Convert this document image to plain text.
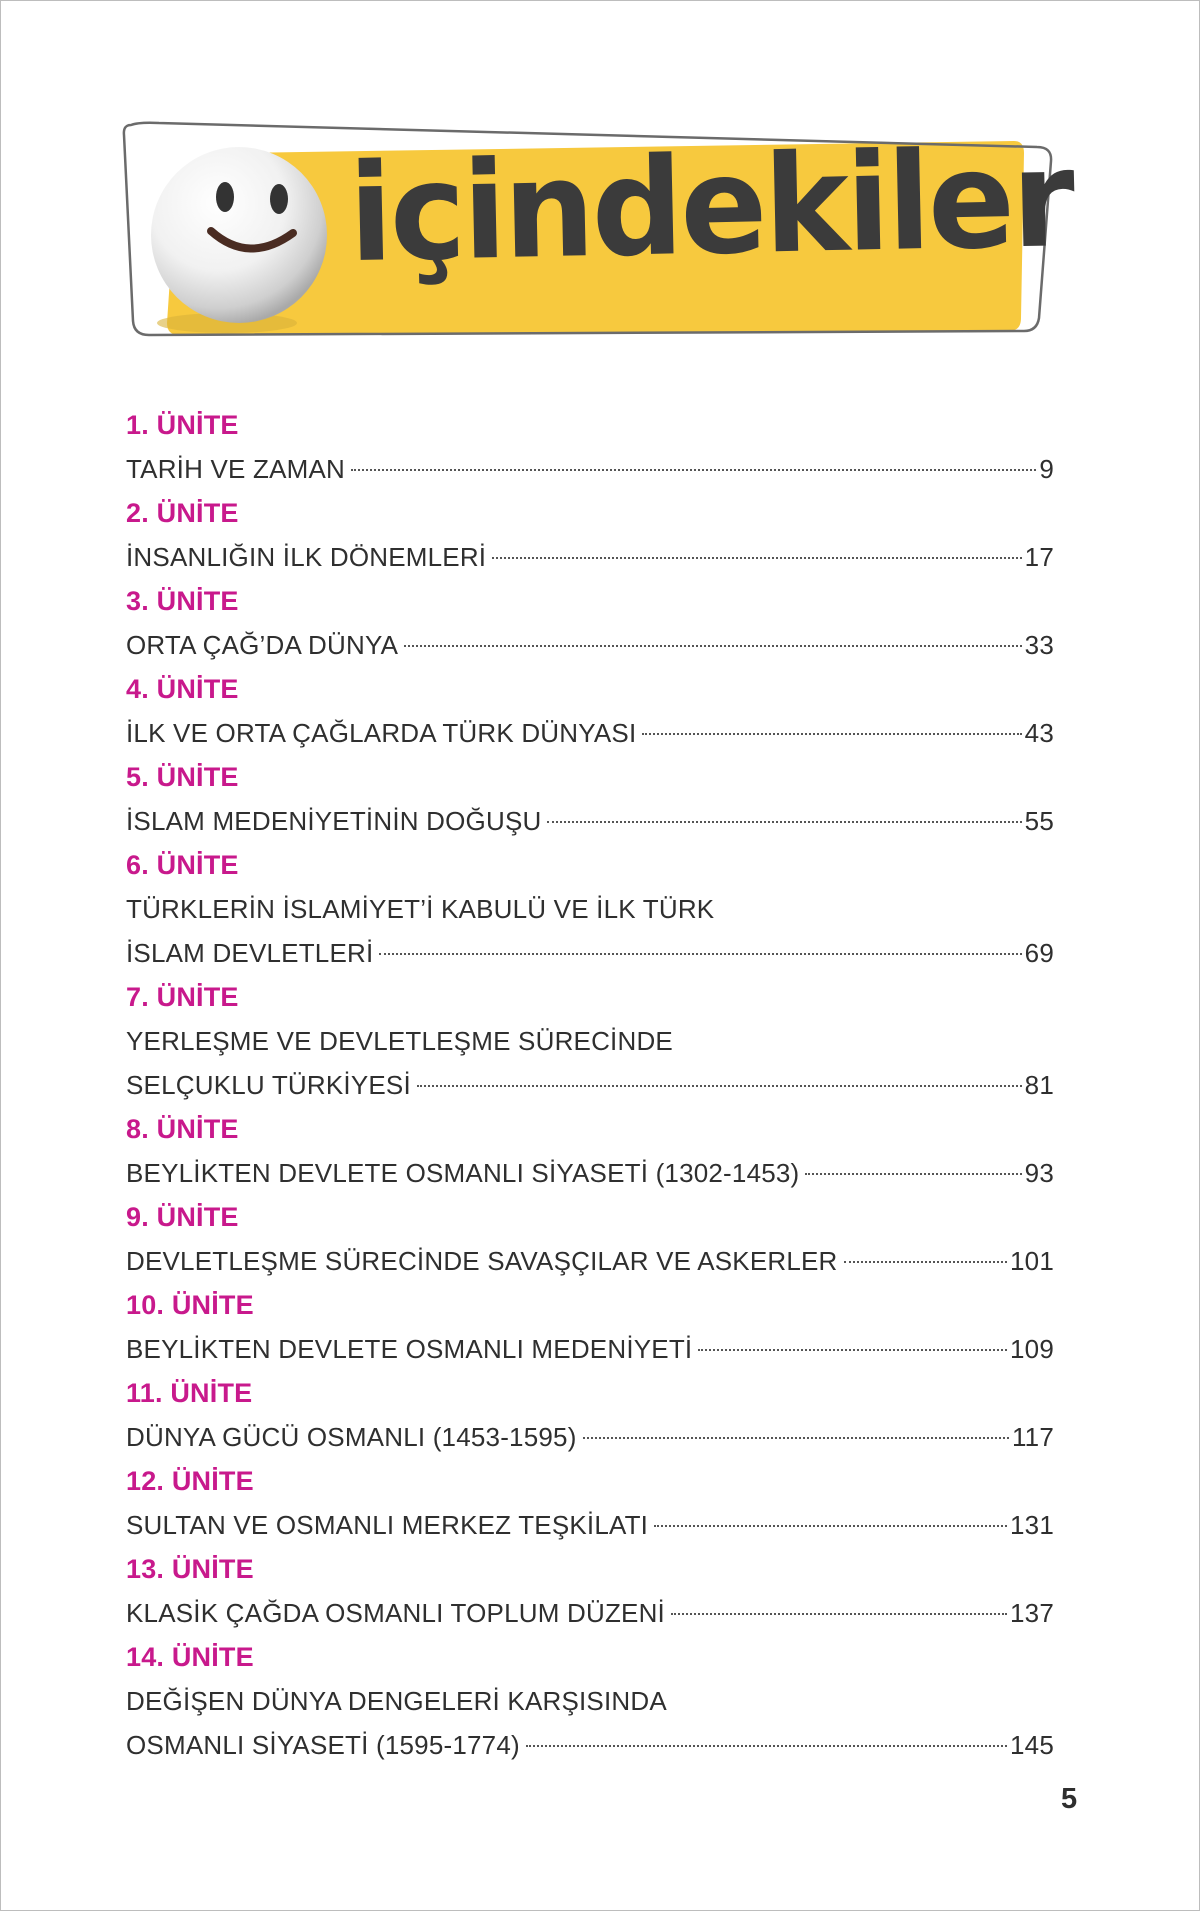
içindekiler
1. ÜNİTE
TARİH VE ZAMAN	9
2. ÜNİTE
İNSANLIĞIN İLK DÖNEMLERİ	17
3. ÜNİTE
ORTA ÇAĞ’DA DÜNYA	33
4. ÜNİTE
İLK VE ORTA ÇAĞLARDA TÜRK DÜNYASI	43
5. ÜNİTE
İSLAM MEDENİYETİNİN DOĞUŞU	55
6. ÜNİTE
TÜRKLERİN İSLAMİYET’İ KABULÜ VE İLK TÜRK
İSLAM DEVLETLERİ	69
7. ÜNİTE
YERLEŞME VE DEVLETLEŞME SÜRECİNDE
SELÇUKLU TÜRKİYESİ	81
8. ÜNİTE
BEYLİKTEN DEVLETE OSMANLI SİYASETİ (1302-1453)	93
9. ÜNİTE
DEVLETLEŞME SÜRECİNDE SAVAŞÇILAR VE ASKERLER	101
10. ÜNİTE
BEYLİKTEN DEVLETE OSMANLI MEDENİYETİ	109
11. ÜNİTE
DÜNYA GÜCÜ OSMANLI (1453-1595)	117
12. ÜNİTE
SULTAN VE OSMANLI MERKEZ TEŞKİLATI	131
13. ÜNİTE
KLASİK ÇAĞDA OSMANLI TOPLUM DÜZENİ	137
14. ÜNİTE
DEĞİŞEN DÜNYA DENGELERİ KARŞISINDA
OSMANLI SİYASETİ (1595-1774)	145
5
